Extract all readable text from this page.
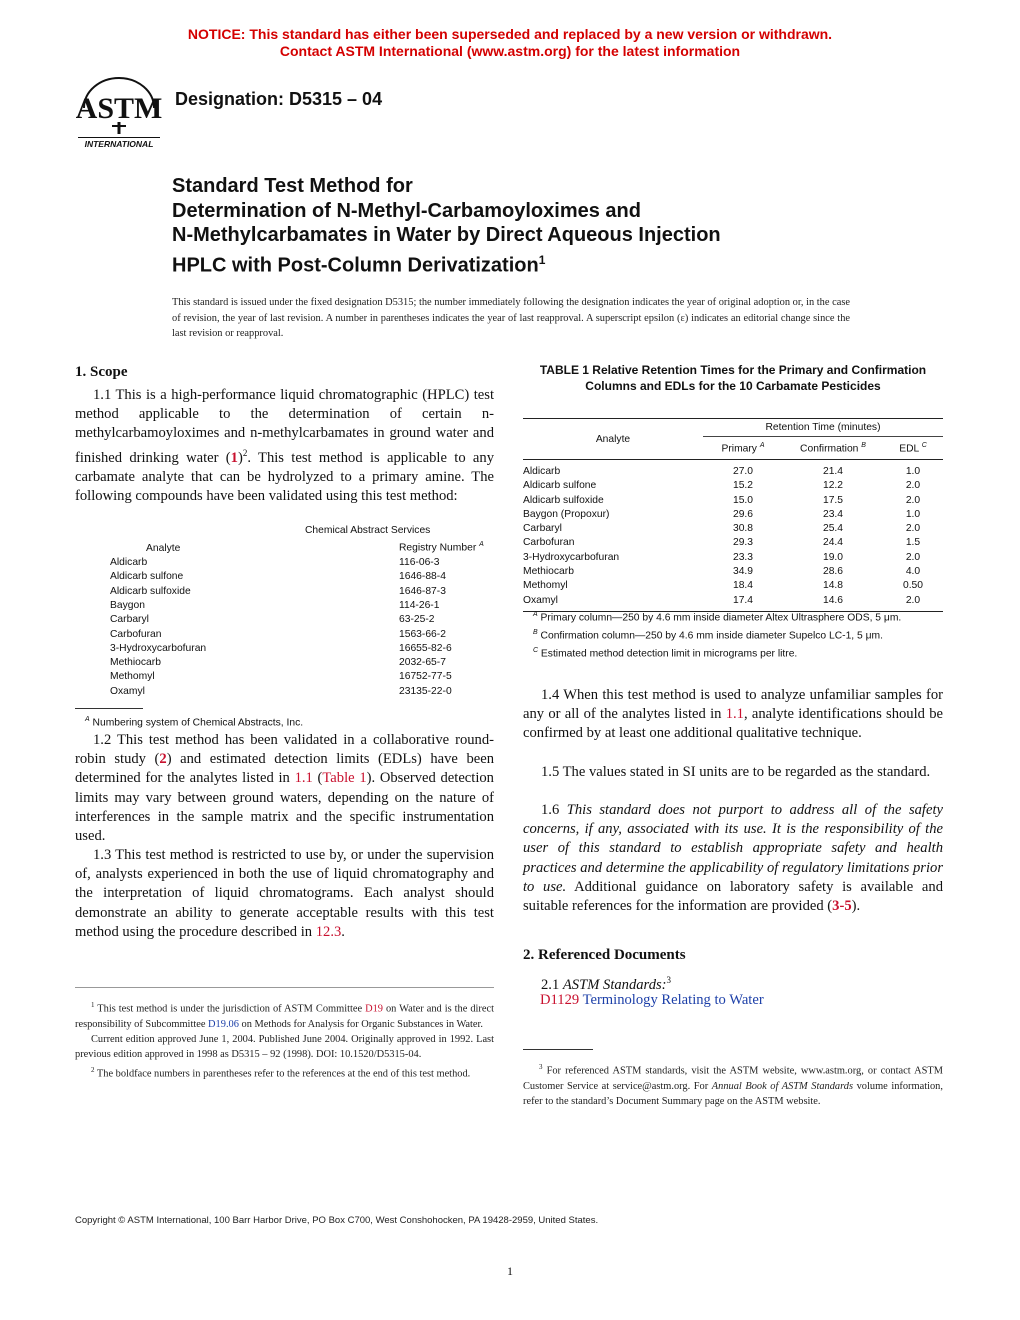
NOTICE: This standard has either been superseded and replaced by a new version or withdrawn.
Contact ASTM International (www.astm.org) for the latest information
ASTM
INTERNATIONAL
Designation: D5315 – 04
Standard Test Method for
Determination of N-Methyl-Carbamoyloximes and
N-Methylcarbamates in Water by Direct Aqueous Injection
HPLC with Post-Column Derivatization$^1$
This standard is issued under the fixed designation D5315; the number immediately following the designation indicates the year of original adoption or, in the case of revision, the year of last revision. A number in parentheses indicates the year of last reapproval. A superscript epsilon (ε) indicates an editorial change since the last revision or reapproval.
1. Scope

1.1 This is a high-performance liquid chromatographic (HPLC) test method applicable to the determination of certain n-methylcarbamoyloximes and n-methylcarbamates in ground water and finished drinking water $(1)^2$. This test method is applicable to any carbamate analyte that can be hydrolyzed to a primary amine. The following compounds have been validated using this test method:

Chemical Abstract Services	
Analyte	Registry Number $^A$
Aldicarb	116-06-3
Aldicarb sulfone	1646-88-4
Aldicarb sulfoxide	1646-87-3
Baygon	114-26-1
Carbaryl	63-25-2
Carbofuran	1563-66-2
3-Hydroxycarbofuran	16655-82-6
Methiocarb	2032-65-7
Methomyl	16752-77-5
Oxamyl	23135-22-0
$^A$ Numbering system of Chemical Abstracts, Inc.

1.2 This test method has been validated in a collaborative round-robin study (2) and estimated detection limits (EDLs) have been determined for the analytes listed in 1.1 (Table 1). Observed detection limits may vary between ground waters, depending on the nature of interferences in the sample matrix and the specific instrumentation used.

1.3 This test method is restricted to use by, or under the supervision of, analysts experienced in both the use of liquid chromatography and the interpretation of liquid chromatograms. Each analyst should demonstrate an ability to generate acceptable results with this test method using the procedure described in 12.3.

$^1$ This test method is under the jurisdiction of ASTM Committee D19 on Water and is the direct responsibility of Subcommittee D19.06 on Methods for Analysis for Organic Substances in Water.

Current edition approved June 1, 2004. Published June 2004. Originally approved in 1992. Last previous edition approved in 1998 as D5315 – 92 (1998). DOI: 10.1520/D5315-04.

$^2$ The boldface numbers in parentheses refer to the references at the end of this test method.

TABLE 1 Relative Retention Times for the Primary and Confirmation Columns and EDLs for the 10 Carbamate Pesticides
Analyte	Retention Time (minutes)		
	Primary $^A$	Confirmation $^B$	EDL $^C$
Aldicarb	27.0	21.4	1.0
Aldicarb sulfone	15.2	12.2	2.0
Aldicarb sulfoxide	15.0	17.5	2.0
Baygon (Propoxur)	29.6	23.4	1.0
Carbaryl	30.8	25.4	2.0
Carbofuran	29.3	24.4	1.5
3-Hydroxycarbofuran	23.3	19.0	2.0
Methiocarb	34.9	28.6	4.0
Methomyl	18.4	14.8	0.50
Oxamyl	17.4	14.6	2.0

$^A$ Primary column—250 by 4.6 mm inside diameter Altex Ultrasphere ODS, 5 μm.

$^B$ Confirmation column—250 by 4.6 mm inside diameter Supelco LC-1, 5 μm.

$^C$ Estimated method detection limit in micrograms per litre.

1.4 When this test method is used to analyze unfamiliar samples for any or all of the analytes listed in 1.1, analyte identifications should be confirmed by at least one additional qualitative technique.

1.5 The values stated in SI units are to be regarded as the standard.

1.6 This standard does not purport to address all of the safety concerns, if any, associated with its use. It is the responsibility of the user of this standard to establish appropriate safety and health practices and determine the applicability of regulatory limitations prior to use. Additional guidance on laboratory safety is available and suitable references for the information are provided (3-5).

2. Referenced Documents

2.1 ASTM Standards:$^3$

D1129 Terminology Relating to Water

$^3$ For referenced ASTM standards, visit the ASTM website, www.astm.org, or contact ASTM Customer Service at service@astm.org. For Annual Book of ASTM Standards volume information, refer to the standard’s Document Summary page on the ASTM website.

Copyright © ASTM International, 100 Barr Harbor Drive, PO Box C700, West Conshohocken, PA 19428-2959, United States.
1
